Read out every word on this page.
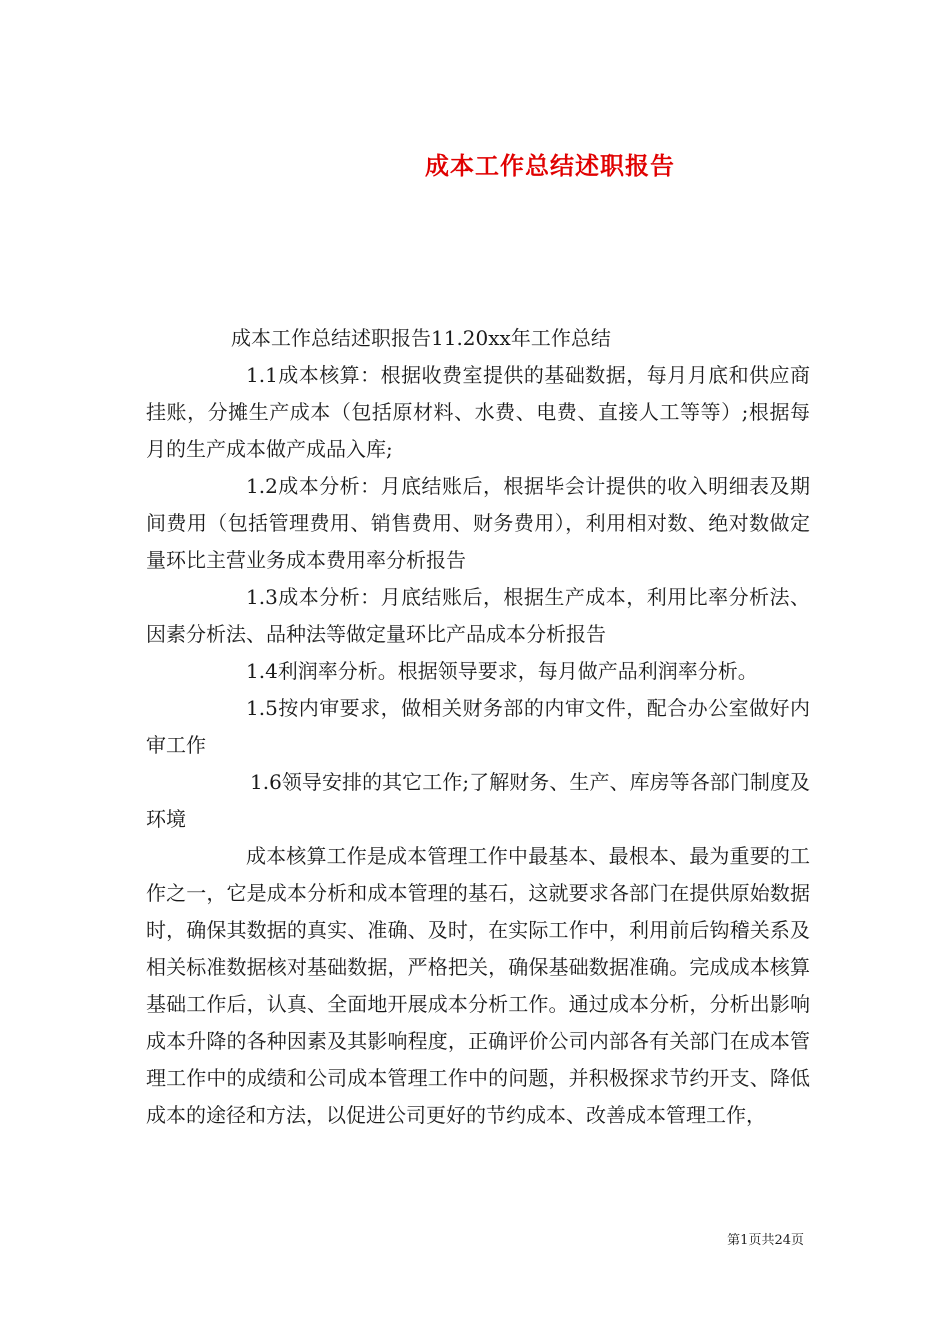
成本工作总结述职报告

成本工作总结述职报告11.20xx年工作总结

1.1成本核算：根据收费室提供的基础数据，每月月底和供应商挂账，分摊生产成本（包括原材料、水费、电费、直接人工等等）;根据每月的生产成本做产成品入库;

1.2成本分析：月底结账后，根据毕会计提供的收入明细表及期间费用（包括管理费用、销售费用、财务费用），利用相对数、绝对数做定量环比主营业务成本费用率分析报告

1.3成本分析：月底结账后，根据生产成本，利用比率分析法、因素分析法、品种法等做定量环比产品成本分析报告

1.4利润率分析。根据领导要求，每月做产品利润率分析。

1.5按内审要求，做相关财务部的内审文件，配合办公室做好内审工作

1.6领导安排的其它工作;了解财务、生产、库房等各部门制度及环境

成本核算工作是成本管理工作中最基本、最根本、最为重要的工作之一，它是成本分析和成本管理的基石，这就要求各部门在提供原始数据时，确保其数据的真实、准确、及时，在实际工作中，利用前后钩稽关系及相关标准数据核对基础数据，严格把关，确保基础数据准确。完成成本核算基础工作后，认真、全面地开展成本分析工作。通过成本分析，分析出影响成本升降的各种因素及其影响程度，正确评价公司内部各有关部门在成本管理工作中的成绩和公司成本管理工作中的问题，并积极探求节约开支、降低成本的途径和方法，以促进公司更好的节约成本、改善成本管理工作，

第1页共24页
